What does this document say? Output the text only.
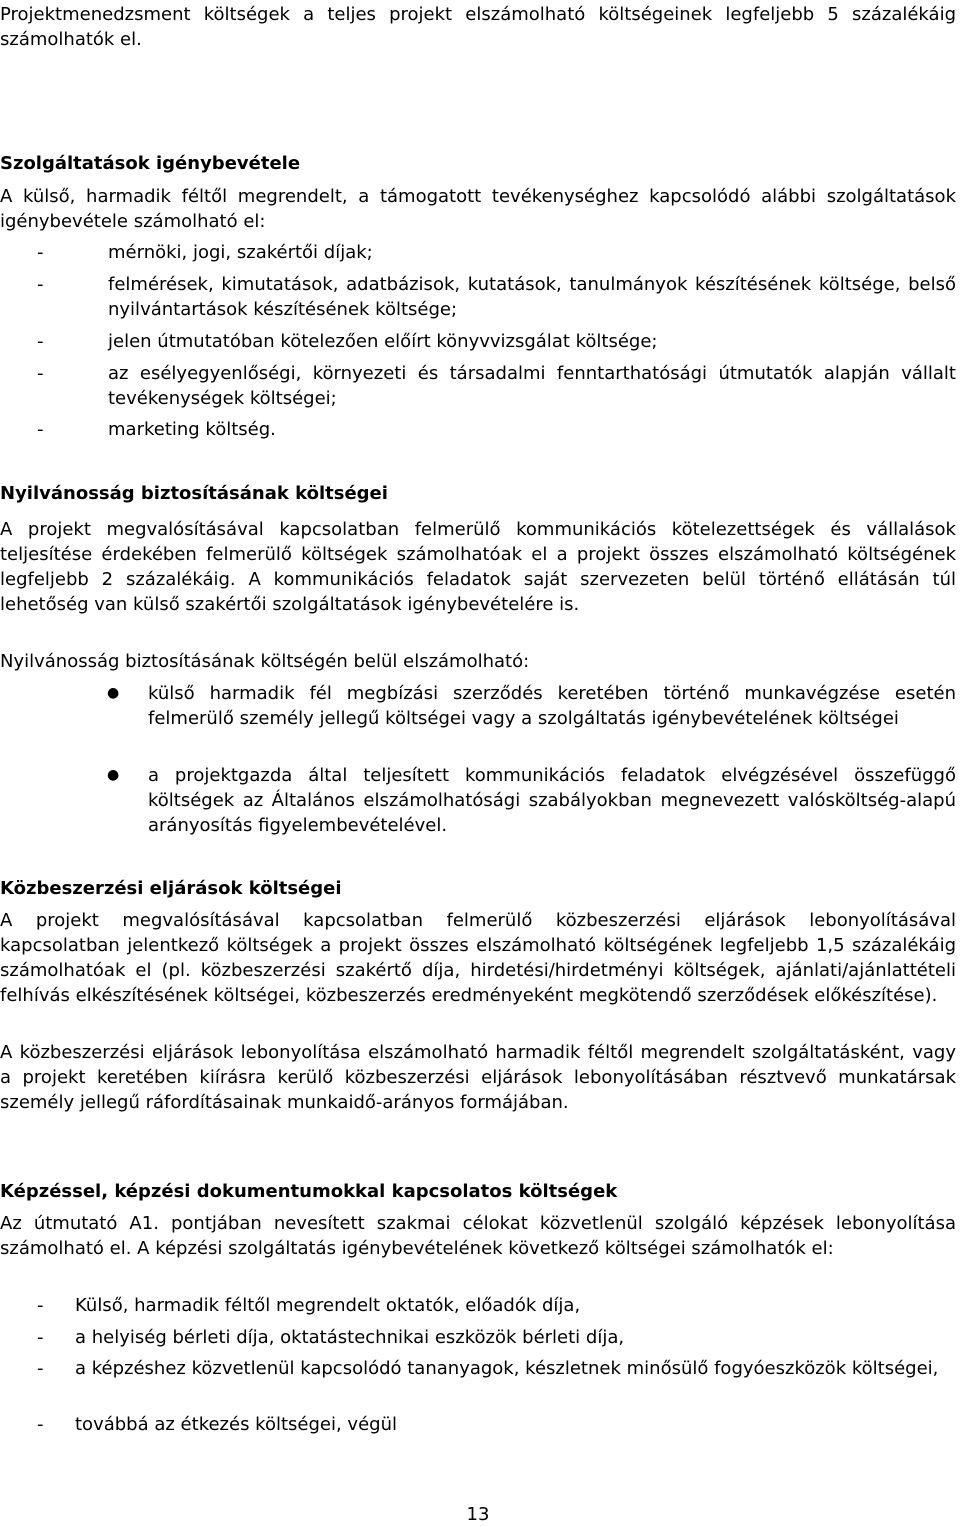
Projektmenedzsment költségek a teljes projekt elszámolható költségeinek legfeljebb 5 százalékáig számolhatók el.

Szolgáltatások igénybevétele

A külső, harmadik féltől megrendelt, a támogatott tevékenységhez kapcsolódó alábbi szolgáltatások igénybevétele számolható el:

-	mérnöki, jogi, szakértői díjak;
-	felmérések, kimutatások, adatbázisok, kutatások, tanulmányok készítésének költsége, belső nyilvántartások készítésének költsége;
-	jelen útmutatóban kötelezően előírt könyvvizsgálat költsége;
-	az esélyegyenlőségi, környezeti és társadalmi fenntarthatósági útmutatók alapján vállalt tevékenységek költségei;
-	marketing költség.

Nyilvánosság biztosításának költségei

A projekt megvalósításával kapcsolatban felmerülő kommunikációs kötelezettségek és vállalások teljesítése érdekében felmerülő költségek számolhatóak el a projekt összes elszámolható költségének legfeljebb 2 százalékáig. A kommunikációs feladatok saját szervezeten belül történő ellátásán túl lehetőség van külső szakértői szolgáltatások igénybevételére is.

Nyilvánosság biztosításának költségén belül elszámolható:

● külső harmadik fél megbízási szerződés keretében történő munkavégzése esetén felmerülő személy jellegű költségei vagy a szolgáltatás igénybevételének költségei
● a projektgazda által teljesített kommunikációs feladatok elvégzésével összefüggő költségek az Általános elszámolhatósági szabályokban megnevezett valósköltség-alapú arányosítás figyelembevételével.

Közbeszerzési eljárások költségei

A projekt megvalósításával kapcsolatban felmerülő közbeszerzési eljárások lebonyolításával kapcsolatban jelentkező költségek a projekt összes elszámolható költségének legfeljebb 1,5 százalékáig számolhatóak el (pl. közbeszerzési szakértő díja, hirdetési/hirdetményi költségek, ajánlati/ajánlattételi felhívás elkészítésének költségei, közbeszerzés eredményeként megkötendő szerződések előkészítése).

A közbeszerzési eljárások lebonyolítása elszámolható harmadik féltől megrendelt szolgáltatásként, vagy a projekt keretében kiírásra kerülő közbeszerzési eljárások lebonyolításában résztvevő munkatársak személy jellegű ráfordításainak munkaidő-arányos formájában.

Képzéssel, képzési dokumentumokkal kapcsolatos költségek

Az útmutató A1. pontjában nevesített szakmai célokat közvetlenül szolgáló képzések lebonyolítása számolható el. A képzési szolgáltatás igénybevételének következő költségei számolhatók el:

- Külső, harmadik féltől megrendelt oktatók, előadók díja,
- a helyiség bérleti díja, oktatástechnikai eszközök bérleti díja,
- a képzéshez közvetlenül kapcsolódó tananyagok, készletnek minősülő fogyóeszközök költségei,
- továbbá az étkezés költségei, végül
13
